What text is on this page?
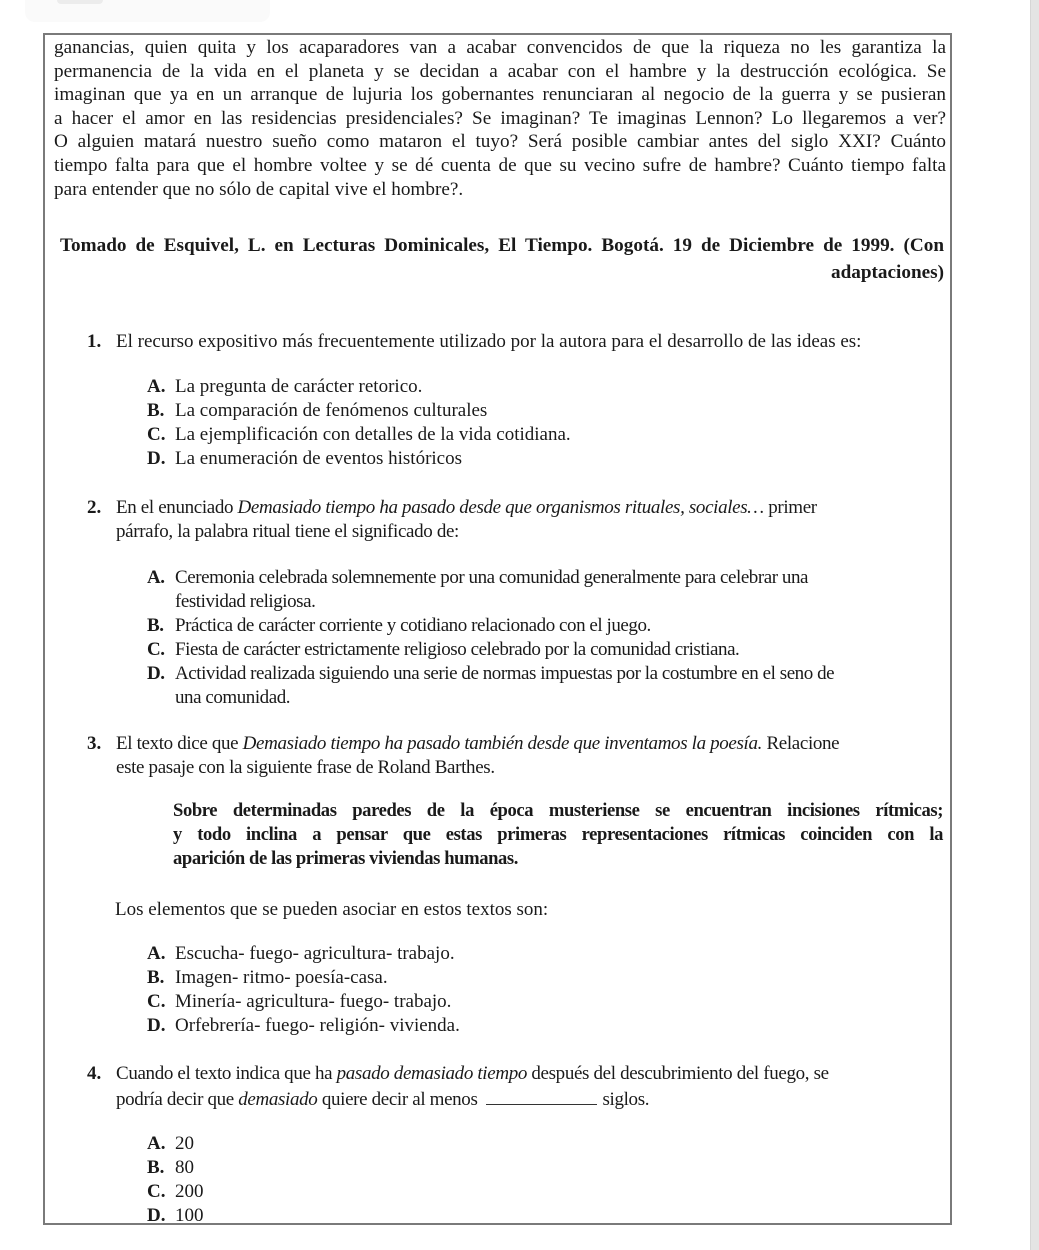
ganancias, quien quita y los acaparadores van a acabar convencidos de que la riqueza no les garantiza la
permanencia de la vida en el planeta y se decidan a acabar con el hambre y la destrucción ecológica. Se
imaginan que ya en un arranque de lujuria los gobernantes renunciaran al negocio de la guerra y se pusieran
a hacer el amor en las residencias presidenciales? Se imaginan? Te imaginas Lennon? Lo llegaremos a ver?
O alguien matará nuestro sueño como mataron el tuyo? Será posible cambiar antes del siglo XXI? Cuánto
tiempo falta para que el hombre voltee y se dé cuenta de que su vecino sufre de hambre? Cuánto tiempo falta
para entender que no sólo de capital vive el hombre?.
Tomado de Esquivel, L. en Lecturas Dominicales, El Tiempo. Bogotá. 19 de Diciembre de 1999. (Con
adaptaciones)
1. El recurso expositivo más frecuentemente utilizado por la autora para el desarrollo de las ideas es:
A. La pregunta de carácter retorico.
B. La comparación de fenómenos culturales
C. La ejemplificación con detalles de la vida cotidiana.
D. La enumeración de eventos históricos
2. En el enunciado Demasiado tiempo ha pasado desde que organismos rituales, sociales… primer
párrafo, la palabra ritual tiene el significado de:
A. Ceremonia celebrada solemnemente por una comunidad generalmente para celebrar una
festividad religiosa.
B. Práctica de carácter corriente y cotidiano relacionado con el juego.
C. Fiesta de carácter estrictamente religioso celebrado por la comunidad cristiana.
D. Actividad realizada siguiendo una serie de normas impuestas por la costumbre en el seno de
una comunidad.
3. El texto dice que Demasiado tiempo ha pasado también desde que inventamos la poesía. Relacione
este pasaje con la siguiente frase de Roland Barthes.
Sobre determinadas paredes de la época musteriense se encuentran incisiones rítmicas;
y todo inclina a pensar que estas primeras representaciones rítmicas coinciden con la
aparición de las primeras viviendas humanas.
Los elementos que se pueden asociar en estos textos son:
A. Escucha- fuego- agricultura- trabajo.
B. Imagen- ritmo- poesía-casa.
C. Minería- agricultura- fuego- trabajo.
D. Orfebrería- fuego- religión- vivienda.
4. Cuando el texto indica que ha pasado demasiado tiempo después del descubrimiento del fuego, se
podría decir que demasiado quiere decir al menos	siglos.
A. 20
B. 80
C. 200
D. 100
